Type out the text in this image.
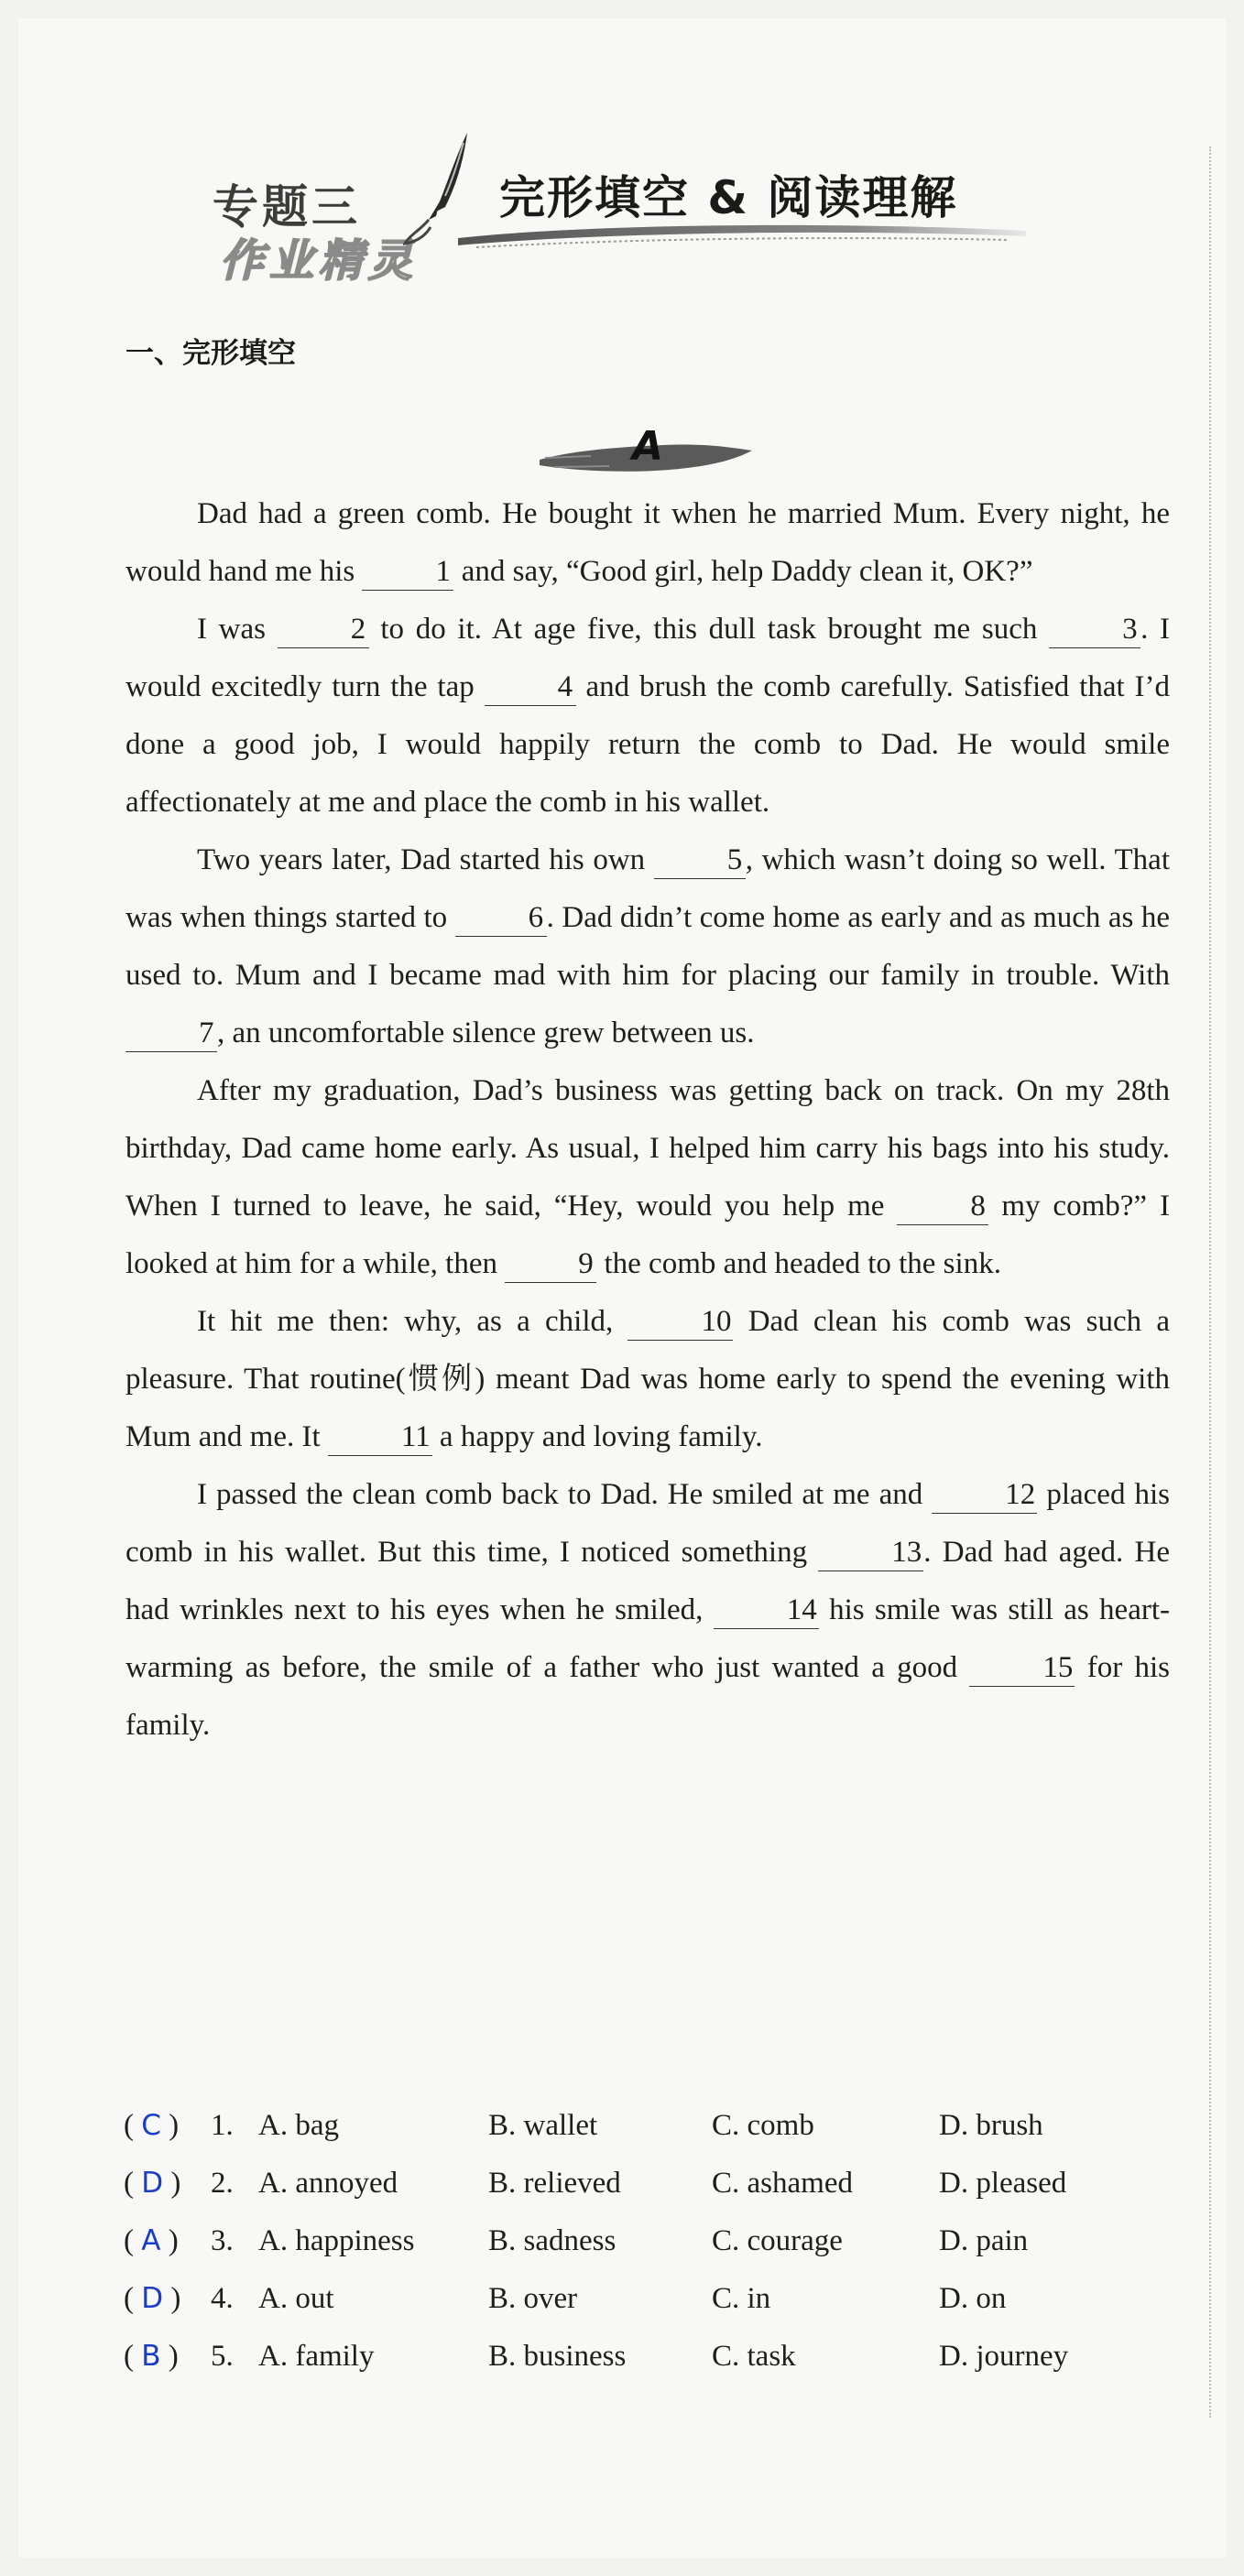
专题三
作业精灵
完形填空 & 阅读理解
一、完形填空
A

Dad had a green comb. He bought it when he married Mum. Every night, he would hand me his 1 and say, “Good girl, help Daddy clean it, OK?”

I was 2 to do it. At age five, this dull task brought me such 3 . I would excitedly turn the tap 4 and brush the comb carefully. Satisfied that I’d done a good job, I would happily return the comb to Dad. He would smile affectionately at me and place the comb in his wallet.

Two years later, Dad started his own 5 , which wasn’t doing so well. That was when things started to 6 . Dad didn’t come home as early and as much as he used to. Mum and I became mad with him for placing our family in trouble. With 7 , an uncomfortable silence grew between us.

After my graduation, Dad’s business was getting back on track. On my 28th birthday, Dad came home early. As usual, I helped him carry his bags into his study. When I turned to leave, he said, “Hey, would you help me 8 my comb?” I looked at him for a while, then 9 the comb and headed to the sink.

It hit me then: why, as a child, 10 Dad clean his comb was such a pleasure. That routine(惯例) meant Dad was home early to spend the evening with Mum and me. It 11 a happy and loving family.

I passed the clean comb back to Dad. He smiled at me and 12 placed his comb in his wallet. But this time, I noticed something 13. Dad had aged. He had wrinkles next to his eyes when he smiled, 14 his smile was still as heart-warming as before, the smile of a father who just wanted a good 15 for his family.

( C ) 1. A. bag	B. wallet	C. comb	D. brush
( D ) 2. A. annoyed	B. relieved	C. ashamed	D. pleased
( A ) 3. A. happiness B. sadness	C. courage	D. pain
( D ) 4. A. out	B. over	C. in	D. on
( B ) 5. A. family	B. business	C. task	D. journey
